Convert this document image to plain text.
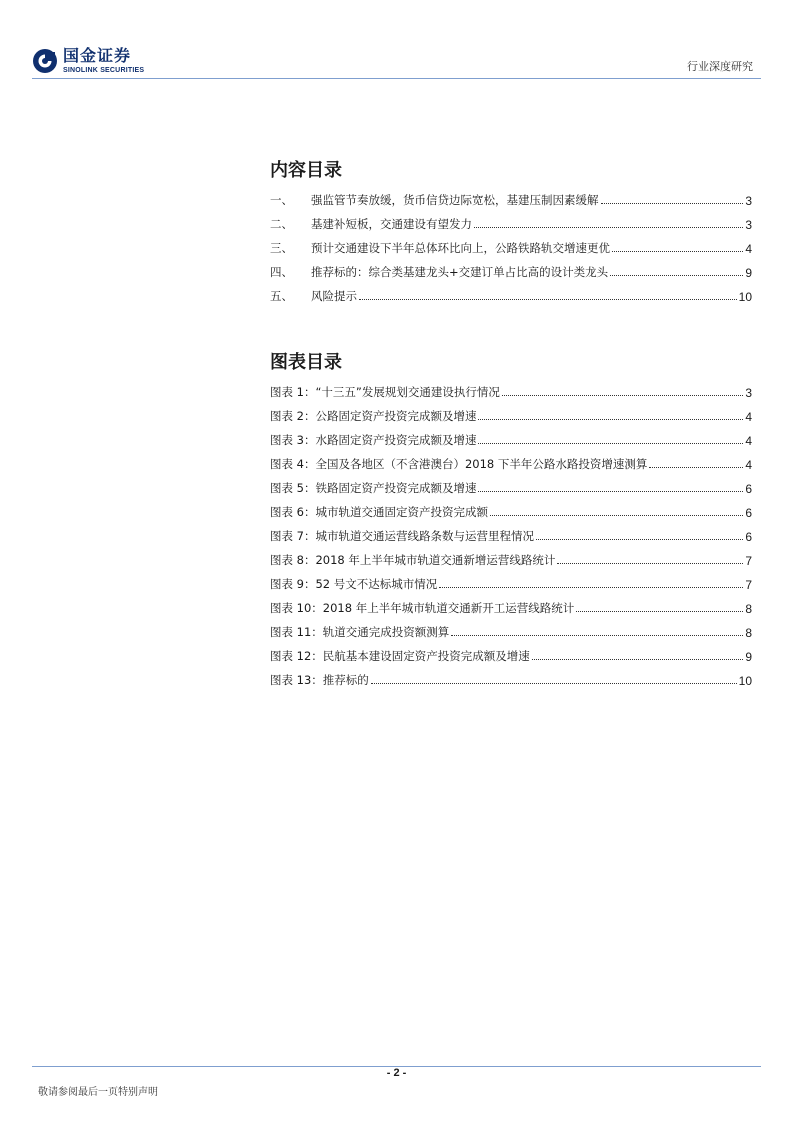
国金证券
SINOLINK SECURITIES	行业深度研究
内容目录
一、 强监管节奏放缓，货币信贷边际宽松，基建压制因素缓解	3
二、 基建补短板，交通建设有望发力	3
三、 预计交通建设下半年总体环比向上，公路铁路轨交增速更优	4
四、 推荐标的：综合类基建龙头+交建订单占比高的设计类龙头	9
五、 风险提示	10
图表目录
图表 1：“十三五”发展规划交通建设执行情况	3
图表 2：公路固定资产投资完成额及增速	4
图表 3：水路固定资产投资完成额及增速	4
图表 4：全国及各地区（不含港澳台）2018 下半年公路水路投资增速测算	4
图表 5：铁路固定资产投资完成额及增速	6
图表 6：城市轨道交通固定资产投资完成额	6
图表 7：城市轨道交通运营线路条数与运营里程情况	6
图表 8：2018 年上半年城市轨道交通新增运营线路统计	7
图表 9：52 号文不达标城市情况	7
图表 10：2018 年上半年城市轨道交通新开工运营线路统计	8
图表 11：轨道交通完成投资额测算	8
图表 12：民航基本建设固定资产投资完成额及增速	9
图表 13：推荐标的	10
- 2 -
敬请参阅最后一页特别声明
